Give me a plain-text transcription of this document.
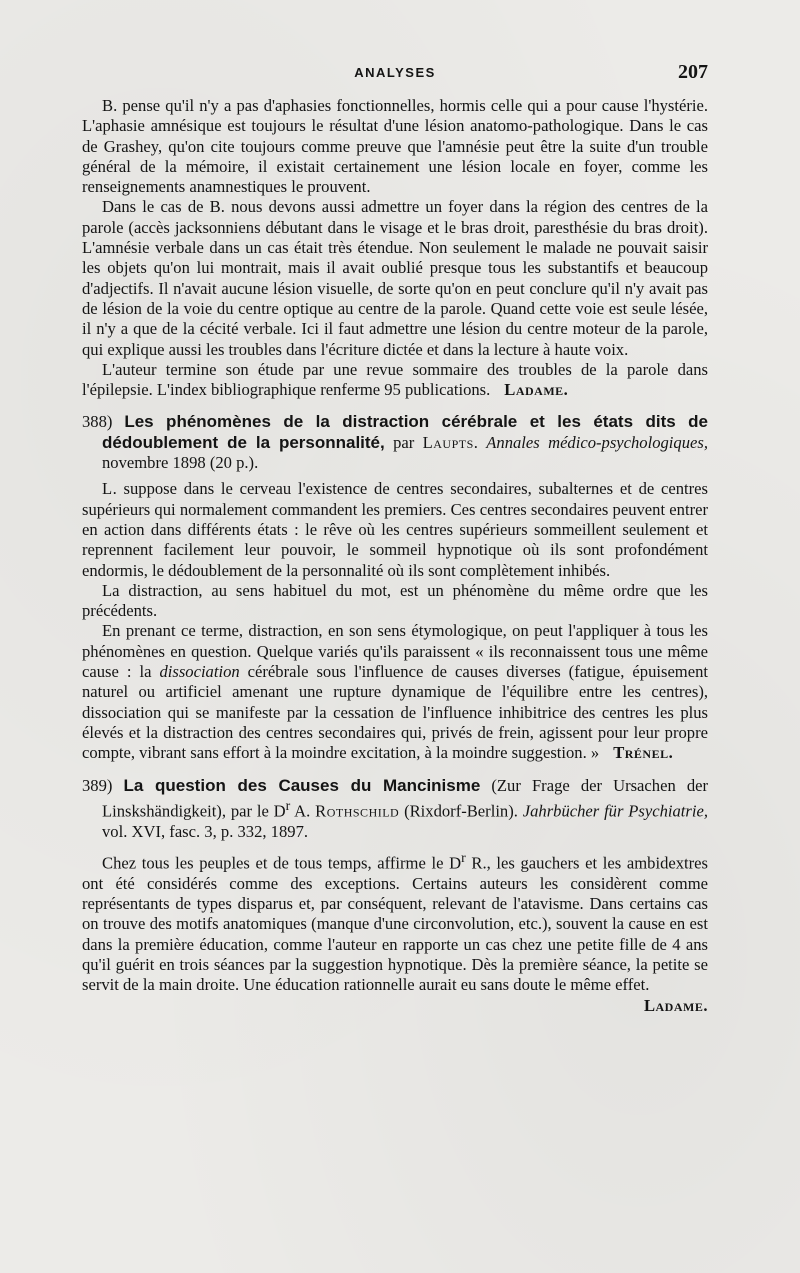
ANALYSES	207

B. pense qu'il n'y a pas d'aphasies fonctionnelles, hormis celle qui a pour cause l'hystérie. L'aphasie amnésique est toujours le résultat d'une lésion anatomo-pathologique. Dans le cas de Grashey, qu'on cite toujours comme preuve que l'amnésie peut être la suite d'un trouble général de la mémoire, il existait certainement une lésion locale en foyer, comme les renseignements anamnestiques le prouvent.

Dans le cas de B. nous devons aussi admettre un foyer dans la région des centres de la parole (accès jacksonniens débutant dans le visage et le bras droit, paresthésie du bras droit). L'amnésie verbale dans un cas était très étendue. Non seulement le malade ne pouvait saisir les objets qu'on lui montrait, mais il avait oublié presque tous les substantifs et beaucoup d'adjectifs. Il n'avait aucune lésion visuelle, de sorte qu'on en peut conclure qu'il n'y avait pas de lésion de la voie du centre optique au centre de la parole. Quand cette voie est seule lésée, il n'y a que de la cécité verbale. Ici il faut admettre une lésion du centre moteur de la parole, qui explique aussi les troubles dans l'écriture dictée et dans la lecture à haute voix.

L'auteur termine son étude par une revue sommaire des troubles de la parole dans l'épilepsie. L'index bibliographique renferme 95 publications. Ladame.

388) Les phénomènes de la distraction cérébrale et les états dits de dédoublement de la personnalité, par Laupts. Annales médico-psychologiques, novembre 1898 (20 p.).

L. suppose dans le cerveau l'existence de centres secondaires, subalternes et de centres supérieurs qui normalement commandent les premiers. Ces centres secondaires peuvent entrer en action dans différents états : le rêve où les centres supérieurs sommeillent seulement et reprennent facilement leur pouvoir, le sommeil hypnotique où ils sont profondément endormis, le dédoublement de la personnalité où ils sont complètement inhibés.

La distraction, au sens habituel du mot, est un phénomène du même ordre que les précédents.

En prenant ce terme, distraction, en son sens étymologique, on peut l'appliquer à tous les phénomènes en question. Quelque variés qu'ils paraissent « ils reconnaissent tous une même cause : la dissociation cérébrale sous l'influence de causes diverses (fatigue, épuisement naturel ou artificiel amenant une rupture dynamique de l'équilibre entre les centres), dissociation qui se manifeste par la cessation de l'influence inhibitrice des centres les plus élevés et la distraction des centres secondaires qui, privés de frein, agissent pour leur propre compte, vibrant sans effort à la moindre excitation, à la moindre suggestion. » Trénel.

389) La question des Causes du Mancinisme (Zur Frage der Ursachen der Linskshändigkeit), par le $D^r$ A. Rothschild (Rixdorf-Berlin). Jahrbücher für Psychiatrie, vol. XVI, fasc. 3, p. 332, 1897.

Chez tous les peuples et de tous temps, affirme le $D^r$ R., les gauchers et les ambidextres ont été considérés comme des exceptions. Certains auteurs les considèrent comme représentants de types disparus et, par conséquent, relevant de l'atavisme. Dans certains cas on trouve des motifs anatomiques (manque d'une circonvolution, etc.), souvent la cause en est dans la première éducation, comme l'auteur en rapporte un cas chez une petite fille de 4 ans qu'il guérit en trois séances par la suggestion hypnotique. Dès la première séance, la petite se servit de la main droite. Une éducation rationnelle aurait eu sans doute le même effet.
Ladame.
